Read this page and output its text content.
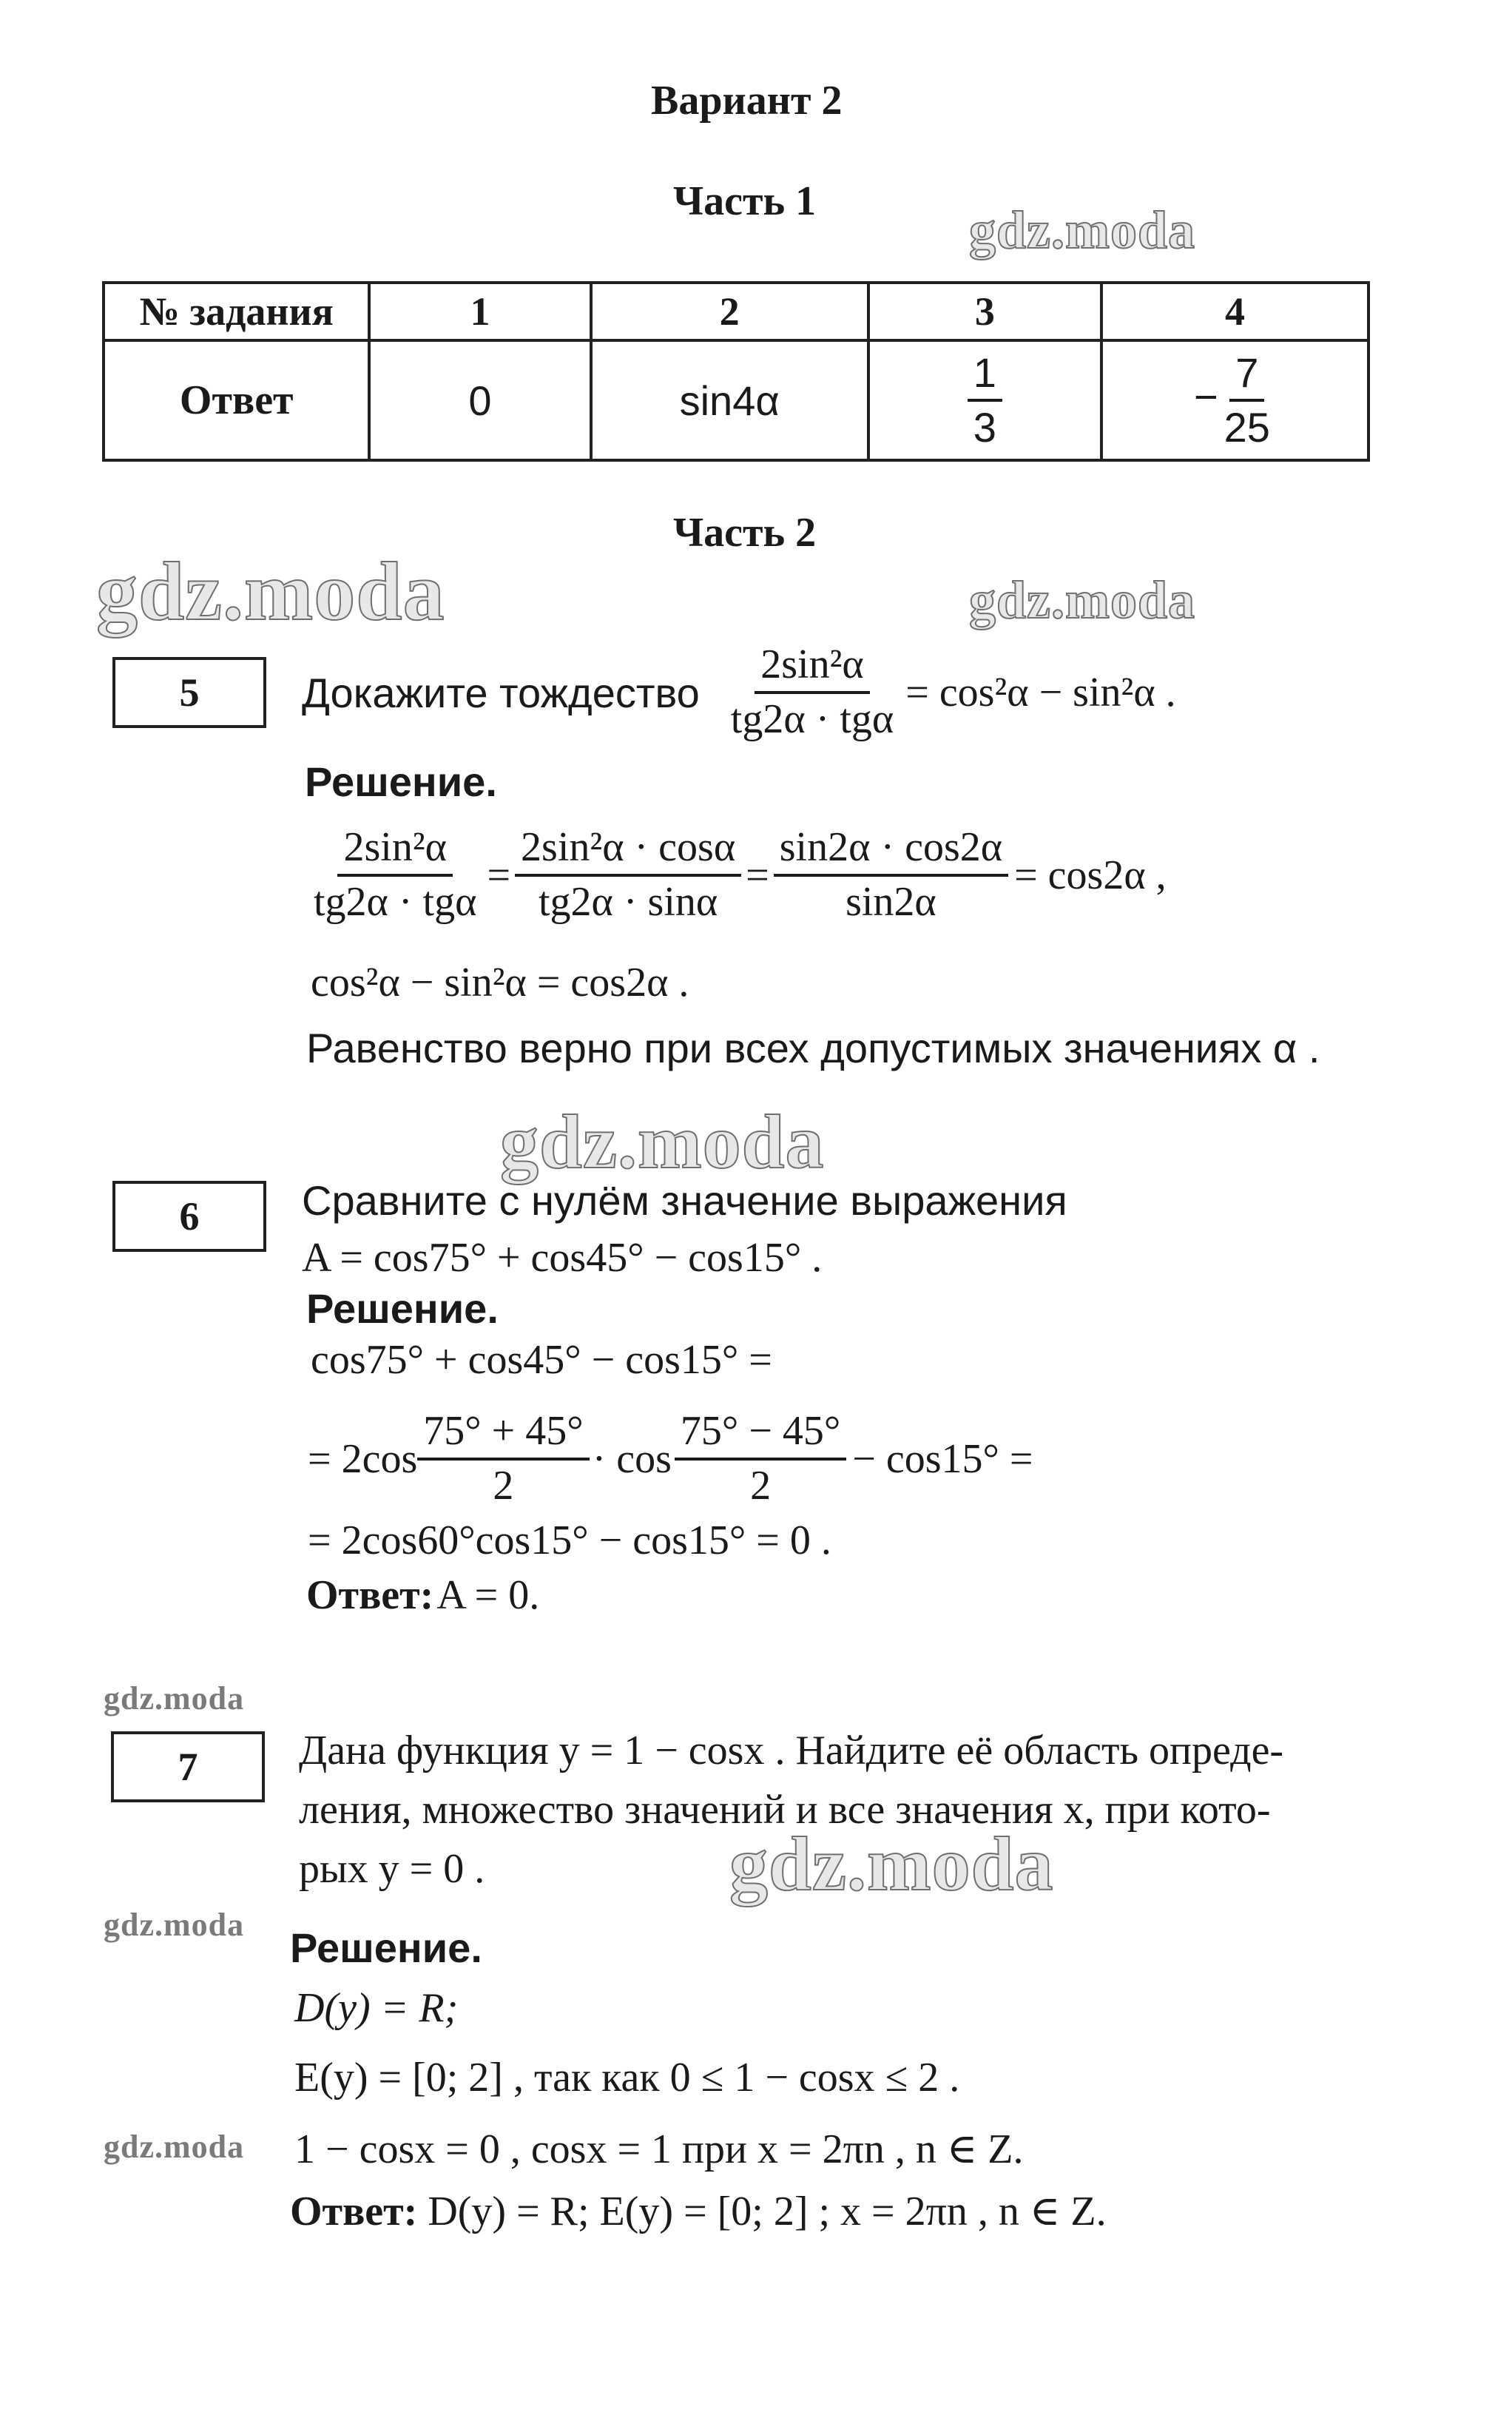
Вариант 2
Часть 1	gdz.moda
gdz.moda	gdz.moda
gdz.moda
gdz.moda
gdz.moda
gdz.moda
gdz.moda
№ задания	1	2	3	4
Ответ	0	sin4α	$\frac{1}{3}$	− $\frac{7}{25}$
Часть 2
5	Докажите тождество $\frac{\text{2sin²α}}{\text{tg2α · tgα}} = \cos^2\alpha - \sin^2\alpha$ .
Решение.
$\frac{\text{2sin²α}}{\text{tg2α · tgα}} = \frac{\text{2sin²α · cosα}}{tg2\alpha \cdot \sin\alpha} = \frac{\sin 2\alpha \cdot \cos 2\alpha}{\sin 2\alpha} = \cos 2\alpha$ ,
cos²α − sin²α = cos2α .
Равенство верно при всех допустимых значениях α .
6	Сравните с нулём значение выражения
A = cos75° + cos45° − cos15° .
Решение.
cos75° + cos45° − cos15° =
= $2\cos \frac{75^\circ + 45^\circ}{2} \cdot \cos \frac{75^\circ - 45^\circ}{2} - \cos 15^\circ$ =
= 2cos60°cos15° − cos15° = 0 .
Ответ: A = 0.
7	Дана функция y = 1 − cosx . Найдите её область опреде-
ления, множество значений и все значения x, при кото-
рых y = 0 .
Решение.
D(y) = R;
E(y) = [0; 2] , так как 0 ≤ 1 − cosx ≤ 2 .
1 − cosx = 0 , cosx = 1 при x = 2πn , n ∈ Z.
Ответ: D(y) = R; E(y) = [0; 2] ; x = 2πn , n ∈ Z.
